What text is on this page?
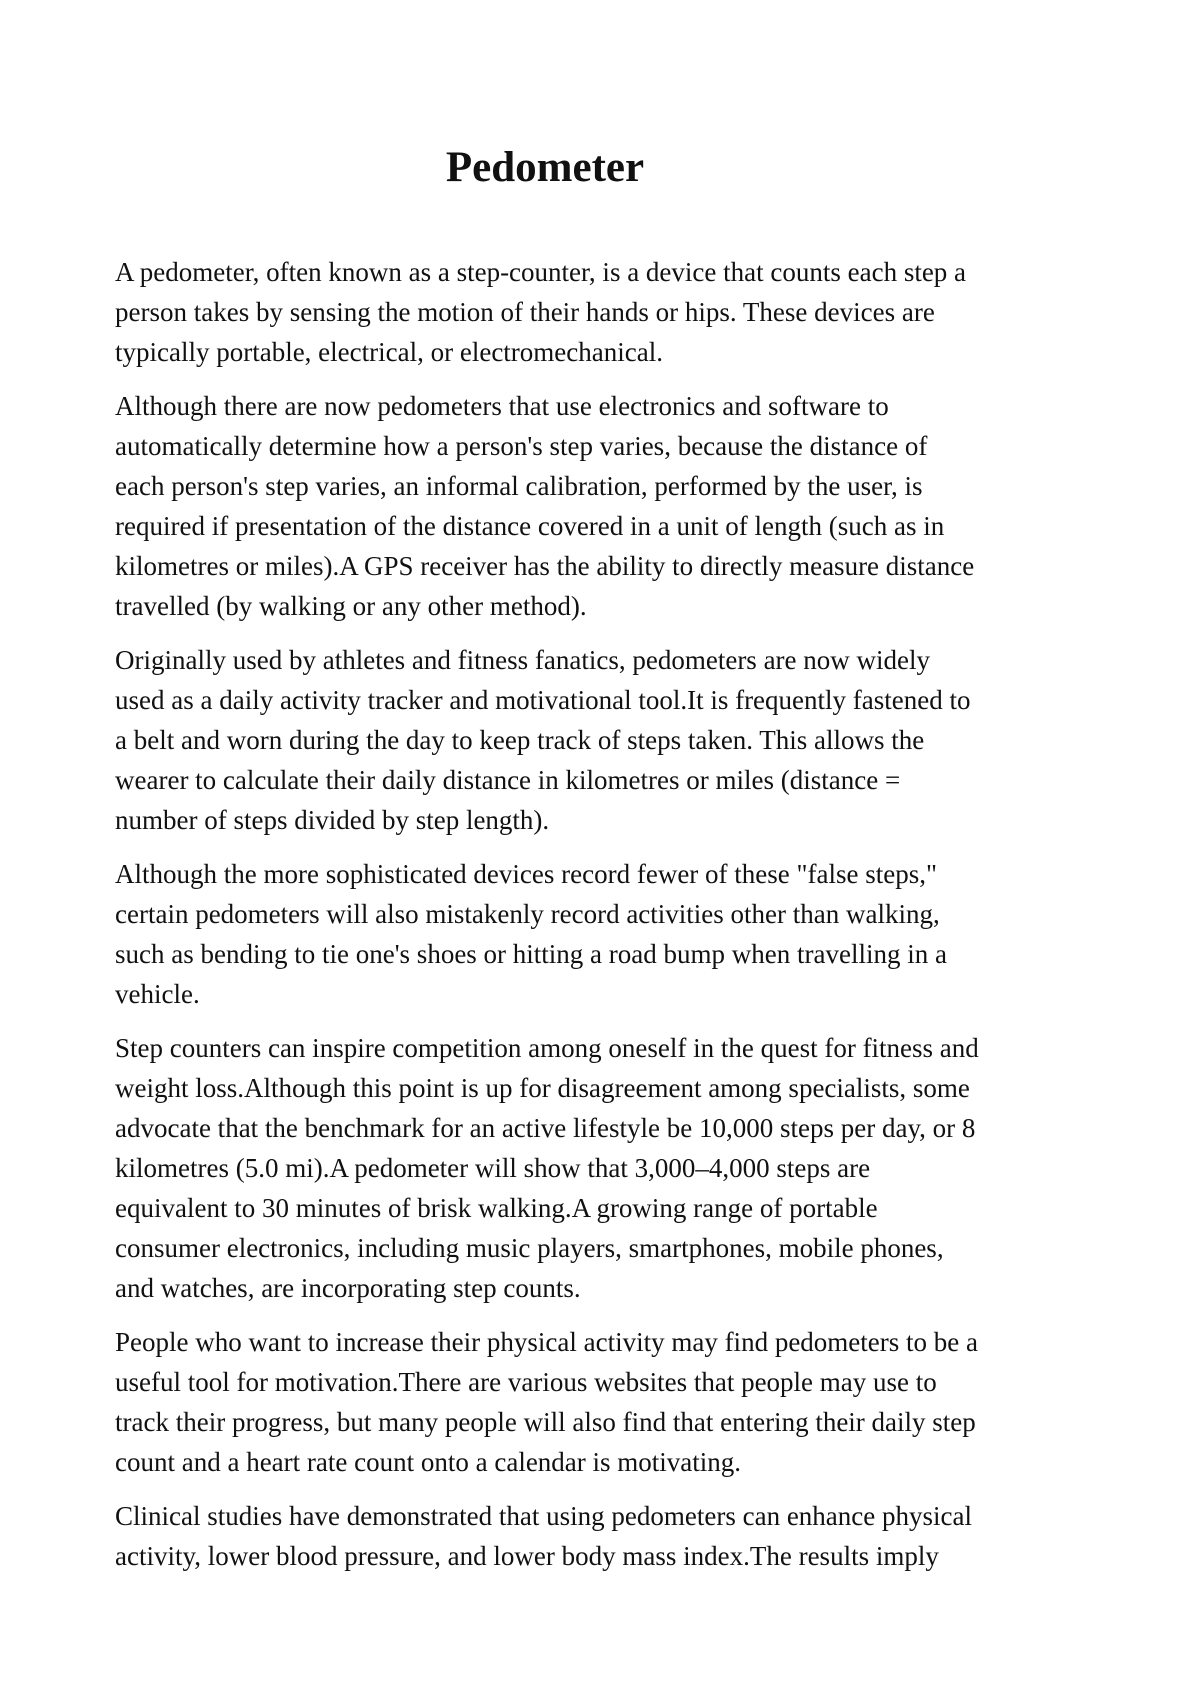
Pedometer

A pedometer, often known as a step-counter, is a device that counts each step a
person takes by sensing the motion of their hands or hips. These devices are
typically portable, electrical, or electromechanical.

Although there are now pedometers that use electronics and software to
automatically determine how a person's step varies, because the distance of
each person's step varies, an informal calibration, performed by the user, is
required if presentation of the distance covered in a unit of length (such as in
kilometres or miles).A GPS receiver has the ability to directly measure distance
travelled (by walking or any other method).

Originally used by athletes and fitness fanatics, pedometers are now widely
used as a daily activity tracker and motivational tool.It is frequently fastened to
a belt and worn during the day to keep track of steps taken. This allows the
wearer to calculate their daily distance in kilometres or miles (distance =
number of steps divided by step length).

Although the more sophisticated devices record fewer of these "false steps,"
certain pedometers will also mistakenly record activities other than walking,
such as bending to tie one's shoes or hitting a road bump when travelling in a
vehicle.

Step counters can inspire competition among oneself in the quest for fitness and
weight loss.Although this point is up for disagreement among specialists, some
advocate that the benchmark for an active lifestyle be 10,000 steps per day, or 8
kilometres (5.0 mi).A pedometer will show that 3,000–4,000 steps are
equivalent to 30 minutes of brisk walking.A growing range of portable
consumer electronics, including music players, smartphones, mobile phones,
and watches, are incorporating step counts.

People who want to increase their physical activity may find pedometers to be a
useful tool for motivation.There are various websites that people may use to
track their progress, but many people will also find that entering their daily step
count and a heart rate count onto a calendar is motivating.

Clinical studies have demonstrated that using pedometers can enhance physical
activity, lower blood pressure, and lower body mass index.The results imply
